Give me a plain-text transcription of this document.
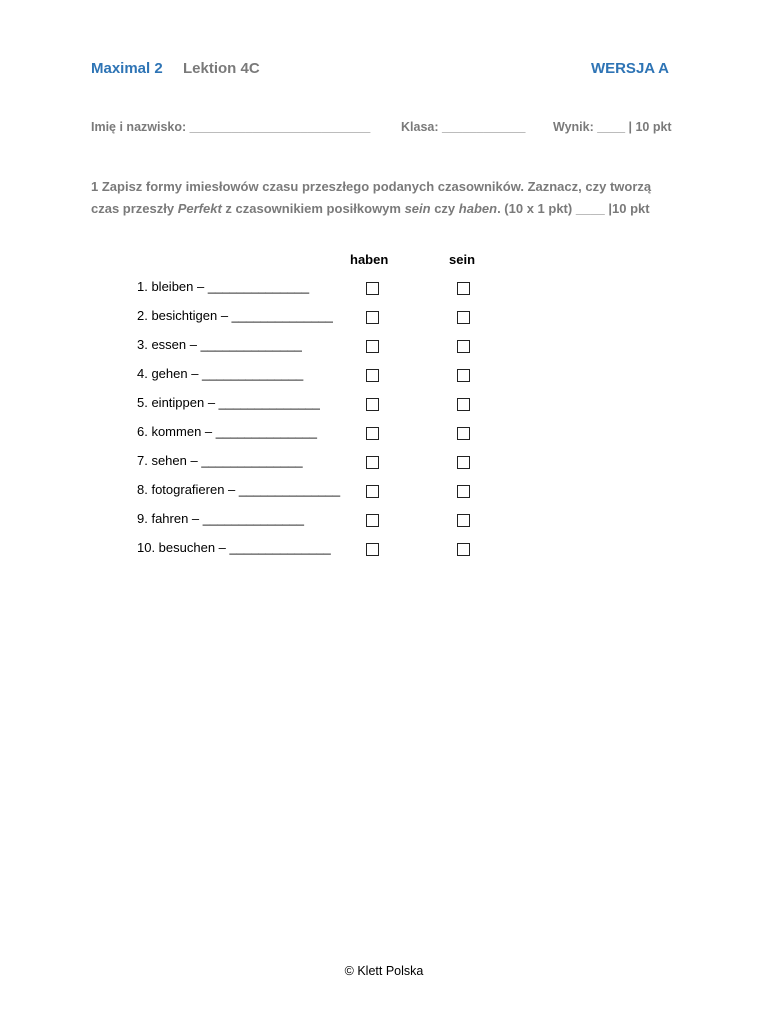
Maximal 2 Lektion 4C	WERSJA A
Imię i nazwisko: __________________________ Klasa: ____________ Wynik: ____ | 10 pkt
1 Zapisz formy imiesłowów czasu przeszłego podanych czasowników. Zaznacz, czy tworzą
czas przeszły Perfekt z czasownikiem posiłkowym sein czy haben. (10 x 1 pkt) ____ |10 pkt
haben	sein
1. bleiben – ______________
2. besichtigen – ______________
3. essen – ______________
4. gehen – ______________
5. eintippen – ______________
6. kommen – ______________
7. sehen – ______________
8. fotografieren – ______________
9. fahren – ______________
10. besuchen – ______________
© Klett Polska
